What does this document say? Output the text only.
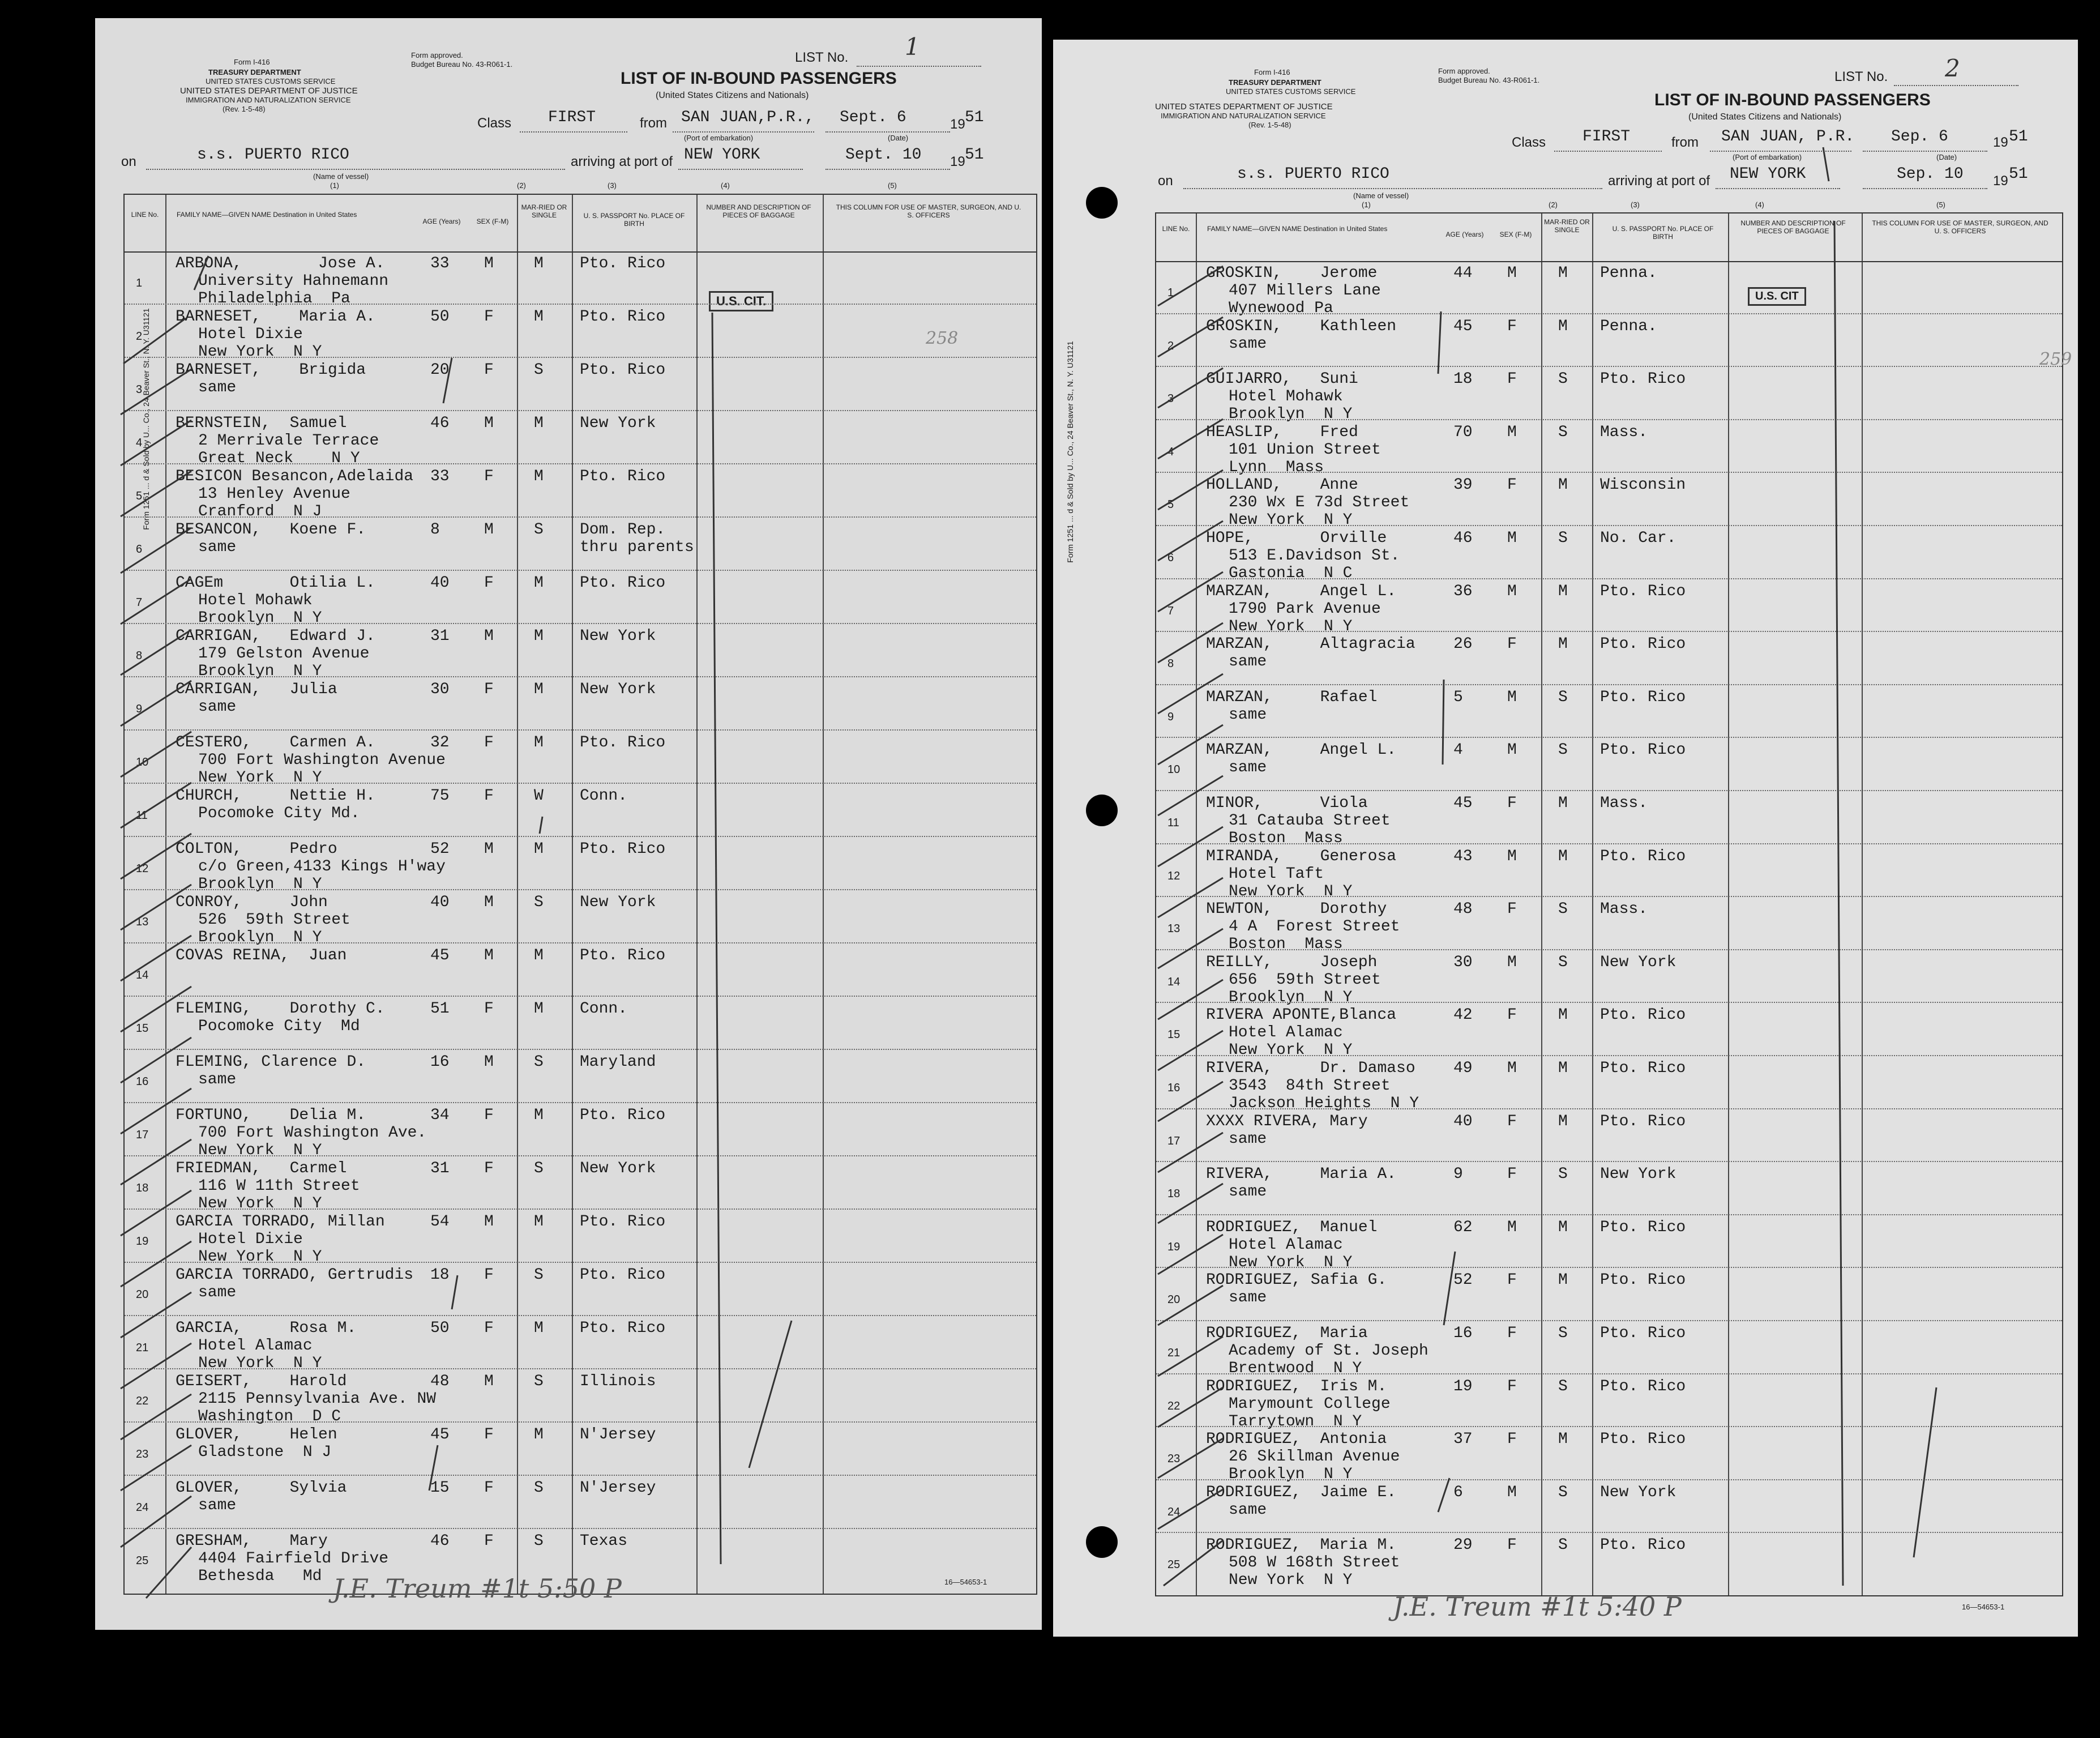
Form I-416
TREASURY DEPARTMENT
UNITED STATES CUSTOMS SERVICE
UNITED STATES DEPARTMENT OF JUSTICE
IMMIGRATION AND NATURALIZATION SERVICE
(Rev. 1-5-48)
Form approved.
Budget Bureau No. 43-R061-1.	LIST No. 1
LIST OF IN-BOUND PASSENGERS
(United States Citizens and Nationals)
Class FIRST	from SAN JUAN,P.R., Sept. 6	19 51
(Port of embarkation)	(Date)
on	s.s. PUERTO RICO
(Name of vessel)
arriving at port of NEW YORK	Sept. 10 19 51
(1)	(2)	(3)	(4)	(5)
Form 1251 ... d & Sold by U... Co., 24 Beaver St., N. Y. U31121
LINE No.	FAMILY NAME—GIVEN NAME Destination in United States
AGE (Years)	SEX (F-M)
MAR-RIED OR SINGLE	U. S. PASSPORT No. PLACE OF BIRTH
NUMBER AND DESCRIPTION OF PIECES OF BAGGAGE
THIS COLUMN FOR USE OF MASTER, SURGEON, AND U. S. OFFICERS
U.S. CIT.
258
1
ARBONA,        Jose A.	33 M	M Pto. Rico
University Hahnemann
Philadelphia  Pa
2
BARNESET,    Maria A.	50 F	M Pto. Rico
Hotel Dixie
New York  N Y
3
BARNESET,    Brigida	20 F	S Pto. Rico
same
4
BERNSTEIN,  Samuel	46 M	M New York
2 Merrivale Terrace
Great Neck    N Y
5
BESICON Besancon,Adelaida 33 F	M Pto. Rico
13 Henley Avenue
Cranford  N J
6
BESANCON,   Koene F.	8	M	S Dom. Rep.
thru parents
same
7
CAGEm       Otilia L.	40 F	M Pto. Rico
Hotel Mohawk
Brooklyn  N Y
8
CARRIGAN,   Edward J.	31 M	M New York
179 Gelston Avenue
Brooklyn  N Y
9
CARRIGAN,   Julia	30 F	M New York
same
10
CESTERO,    Carmen A.	32 F	M Pto. Rico
700 Fort Washington Avenue
New York  N Y
11
CHURCH,     Nettie H.	75 F	W Conn.
Pocomoke City Md.
12
COLTON,     Pedro	52 M	M Pto. Rico
c/o Green,4133 Kings H'way
Brooklyn  N Y
13
CONROY,     John	40 M	S New York
526  59th Street
Brooklyn  N Y
14
COVAS REINA,  Juan	45 M	M Pto. Rico
15
FLEMING,    Dorothy C.	51 F	M Conn.
Pocomoke City  Md
16
FLEMING, Clarence D.	16 M	S Maryland
same
17
FORTUNO,    Delia M.	34 F	M Pto. Rico
700 Fort Washington Ave.
New York  N Y
18
FRIEDMAN,   Carmel	31 F	S New York
116 W 11th Street
New York  N Y
19
GARCIA TORRADO, Millan	54 M	M Pto. Rico
Hotel Dixie
New York  N Y
20
GARCIA TORRADO, Gertrudis 18 F	S Pto. Rico
same
21
GARCIA,     Rosa M.	50 F	M Pto. Rico
Hotel Alamac
New York  N Y
22
GEISERT,    Harold	48 M	S Illinois
2115 Pennsylvania Ave. NW
Washington  D C
23
GLOVER,     Helen	45 F	M N'Jersey
Gladstone  N J
24
GLOVER,     Sylvia	15 F	S N'Jersey
same
25
GRESHAM,    Mary	46 F	S Texas
4404 Fairfield Drive
Bethesda   Md J.E. Treum #1t 5:50 P	16—54653-1
Form I-416
TREASURY DEPARTMENT
UNITED STATES CUSTOMS SERVICE
UNITED STATES DEPARTMENT OF JUSTICE
IMMIGRATION AND NATURALIZATION SERVICE
(Rev. 1-5-48)
Form approved.
Budget Bureau No. 43-R061-1.	LIST No. 2
LIST OF IN-BOUND PASSENGERS
(United States Citizens and Nationals)
Class FIRST	from SAN JUAN, P.R. Sep. 6	19 51
(Port of embarkation)	(Date)
on	s.s. PUERTO RICO
(Name of vessel)
arriving at port of NEW YORK	Sep. 10 19 51
(1)	(2)	(3)	(4)	(5)
Form 1251 ... d & Sold by U... Co., 24 Beaver St., N. Y. U31121
LINE No.	FAMILY NAME—GIVEN NAME Destination in United States
AGE (Years)	SEX (F-M)
MAR-RIED OR SINGLE	U. S. PASSPORT No. PLACE OF BIRTH
NUMBER AND DESCRIPTION OF PIECES OF BAGGAGE
THIS COLUMN FOR USE OF MASTER, SURGEON, AND U. S. OFFICERS
U.S. CIT
259
1
GROSKIN,    Jerome	44 M	M Penna.
407 Millers Lane
Wynewood Pa
2
GROSKIN,    Kathleen	45 F	M Penna.
same
3
GUIJARRO,   Suni	18 F	S Pto. Rico
Hotel Mohawk
Brooklyn  N Y
4
HEASLIP,    Fred	70 M	S Mass.
101 Union Street
Lynn  Mass
5
HOLLAND,    Anne	39 F	M Wisconsin
230 Wx E 73d Street
New York  N Y
6
HOPE,       Orville	46 M	S No. Car.
513 E.Davidson St.
Gastonia  N C
7
MARZAN,     Angel L.	36 M	M Pto. Rico
1790 Park Avenue
New York  N Y
8
MARZAN,     Altagracia 26 F	M Pto. Rico
same
9
MARZAN,     Rafael	5	M	S Pto. Rico
same
10
MARZAN,     Angel L.	4	M	S Pto. Rico
same
11
MINOR,      Viola	45 F	M Mass.
31 Catauba Street
Boston  Mass
12
MIRANDA,    Generosa	43 M	M Pto. Rico
Hotel Taft
New York  N Y
13
NEWTON,     Dorothy	48 F	S Mass.
4 A  Forest Street
Boston  Mass
14
REILLY,     Joseph	30 M	S New York
656  59th Street
Brooklyn  N Y
15
RIVERA APONTE,Blanca	42 F	M Pto. Rico
Hotel Alamac
New York  N Y
16
RIVERA,     Dr. Damaso 49 M	M Pto. Rico
3543  84th Street
Jackson Heights  N Y
17
XXXX RIVERA, Mary	40 F	M Pto. Rico
same
18
RIVERA,     Maria A.	9	F	S New York
same
19
RODRIGUEZ,  Manuel	62 M	M Pto. Rico
Hotel Alamac
New York  N Y
20
RODRIGUEZ, Safia G.	52 F	M Pto. Rico
same
21
RODRIGUEZ,  Maria	16 F	S Pto. Rico
Academy of St. Joseph
Brentwood  N Y
22
RODRIGUEZ,  Iris M.	19 F	S Pto. Rico
Marymount College
Tarrytown  N Y
23
RODRIGUEZ,  Antonia	37 F	M Pto. Rico
26 Skillman Avenue
Brooklyn  N Y
24
RODRIGUEZ,  Jaime E.	6	M	S New York
same
25
RODRIGUEZ,  Maria M.	29 F	S Pto. Rico
508 W 168th Street
New York  N Y
J.E. Treum #1t 5:40 P	16—54653-1
